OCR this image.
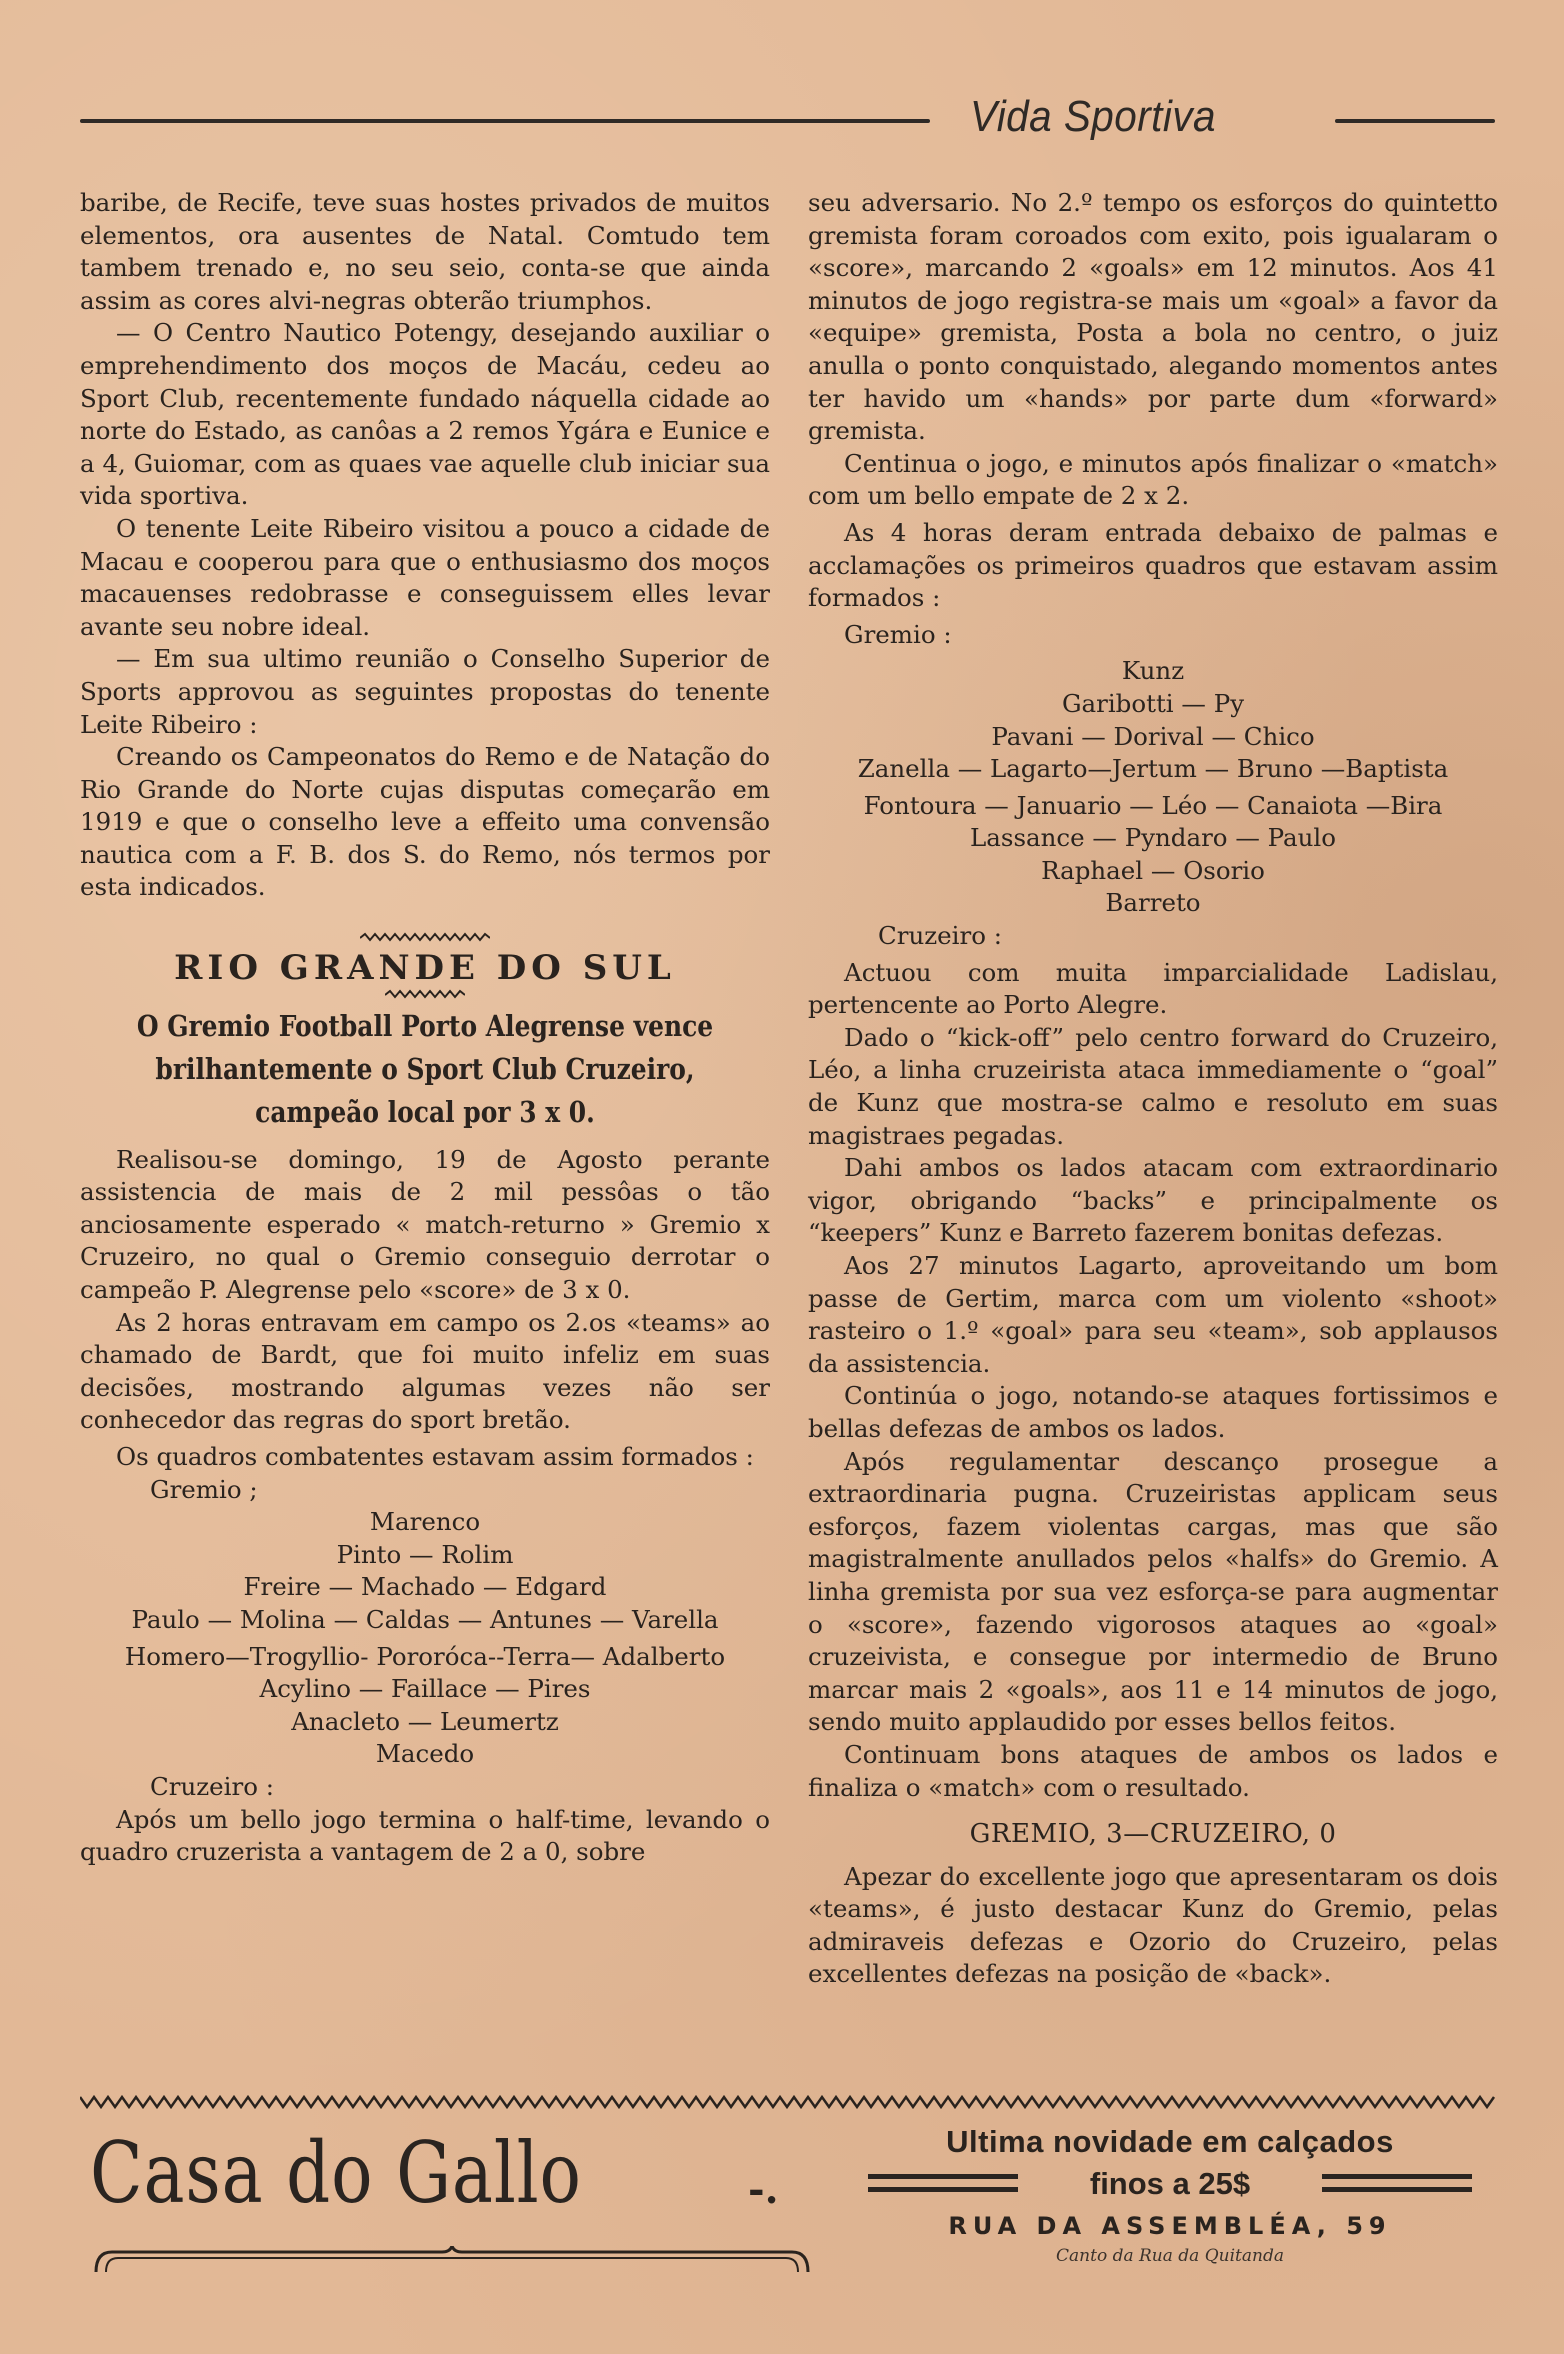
Vida Sportiva

baribe, de Recife, teve suas hostes privados de muitos elementos, ora ausentes de Natal. Comtudo tem tambem trenado e, no seu seio, conta-se que ainda assim as cores alvi-negras obterão triumphos.

— O Centro Nautico Potengy, desejando auxiliar o emprehendimento dos moços de Macáu, cedeu ao Sport Club, recentemente fundado náquella cidade ao norte do Estado, as canôas a 2 remos Ygára e Eunice e a 4, Guiomar, com as quaes vae aquelle club iniciar sua vida sportiva.

O tenente Leite Ribeiro visitou a pouco a cidade de Macau e cooperou para que o enthusiasmo dos moços macauenses redobrasse e conseguissem elles levar avante seu nobre ideal.

— Em sua ultimo reunião o Conselho Superior de Sports approvou as seguintes propostas do tenente Leite Ribeiro :

Creando os Campeonatos do Remo e de Natação do Rio Grande do Norte cujas disputas começarão em 1919 e que o conselho leve a effeito uma convensão nautica com a F. B. dos S. do Remo, nós termos por esta indicados.

RIO GRANDE DO SUL
O Gremio Football Porto Alegrense vence brilhantemente o Sport Club Cruzeiro, campeão local por 3 x 0.

Realisou-se domingo, 19 de Agosto perante assistencia de mais de 2 mil pessôas o tão anciosamente esperado « match-returno » Gremio x Cruzeiro, no qual o Gremio conseguio derrotar o campeão P. Alegrense pelo «score» de 3 x 0.

As 2 horas entravam em campo os 2.os «teams» ao chamado de Bardt, que foi muito infeliz em suas decisões, mostrando algumas vezes não ser conhecedor das regras do sport bretão.

Os quadros combatentes estavam assim formados :

Gremio ;

Marenco
Pinto — Rolim
Freire — Machado — Edgard
Paulo — Molina — Caldas — Antunes — Varella
Homero—Trogyllio- Pororóca--Terra— Adalberto
Acylino — Faillace — Pires
Anacleto — Leumertz
Macedo

Cruzeiro :

Após um bello jogo termina o half-time, levando o quadro cruzerista a vantagem de 2 a 0, sobre

seu adversario. No 2.º tempo os esforços do quintetto gremista foram coroados com exito, pois igualaram o «score», marcando 2 «goals» em 12 minutos. Aos 41 minutos de jogo registra-se mais um «goal» a favor da «equipe» gremista, Posta a bola no centro, o juiz anulla o ponto conquistado, alegando momentos antes ter havido um «hands» por parte dum «forward» gremista.

Centinua o jogo, e minutos após finalizar o «match» com um bello empate de 2 x 2.

As 4 horas deram entrada debaixo de palmas e acclamações os primeiros quadros que estavam assim formados :

Gremio :

Kunz
Garibotti — Py
Pavani — Dorival — Chico
Zanella — Lagarto—Jertum — Bruno —Baptista
Fontoura — Januario — Léo — Canaiota —Bira
Lassance — Pyndaro — Paulo
Raphael — Osorio
Barreto

Cruzeiro :

Actuou com muita imparcialidade Ladislau, pertencente ao Porto Alegre.

Dado o “kick-off” pelo centro forward do Cruzeiro, Léo, a linha cruzeirista ataca immediamente o “goal” de Kunz que mostra-se calmo e resoluto em suas magistraes pegadas.

Dahi ambos os lados atacam com extraordinario vigor, obrigando “backs” e principalmente os “keepers” Kunz e Barreto fazerem bonitas defezas.

Aos 27 minutos Lagarto, aproveitando um bom passe de Gertim, marca com um violento «shoot» rasteiro o 1.º «goal» para seu «team», sob applausos da assistencia.

Continúa o jogo, notando-se ataques fortissimos e bellas defezas de ambos os lados.

Após regulamentar descanço prosegue a extraordinaria pugna. Cruzeiristas applicam seus esforços, fazem violentas cargas, mas que são magistralmente anullados pelos «halfs» do Gremio. A linha gremista por sua vez esforça-se para augmentar o «score», fazendo vigorosos ataques ao «goal» cruzeivista, e consegue por intermedio de Bruno marcar mais 2 «goals», aos 11 e 14 minutos de jogo, sendo muito applaudido por esses bellos feitos.

Continuam bons ataques de ambos os lados e finaliza o «match» com o resultado.

GREMIO, 3—CRUZEIRO, 0

Apezar do excellente jogo que apresentaram os dois «teams», é justo destacar Kunz do Gremio, pelas admiraveis defezas e Ozorio do Cruzeiro, pelas excellentes defezas na posição de «back».

Casa do Gallo	-.
Ultima novidade em calçados
finos a 25$
RUA DA ASSEMBLÉA, 59
Canto da Rua da Quitanda
